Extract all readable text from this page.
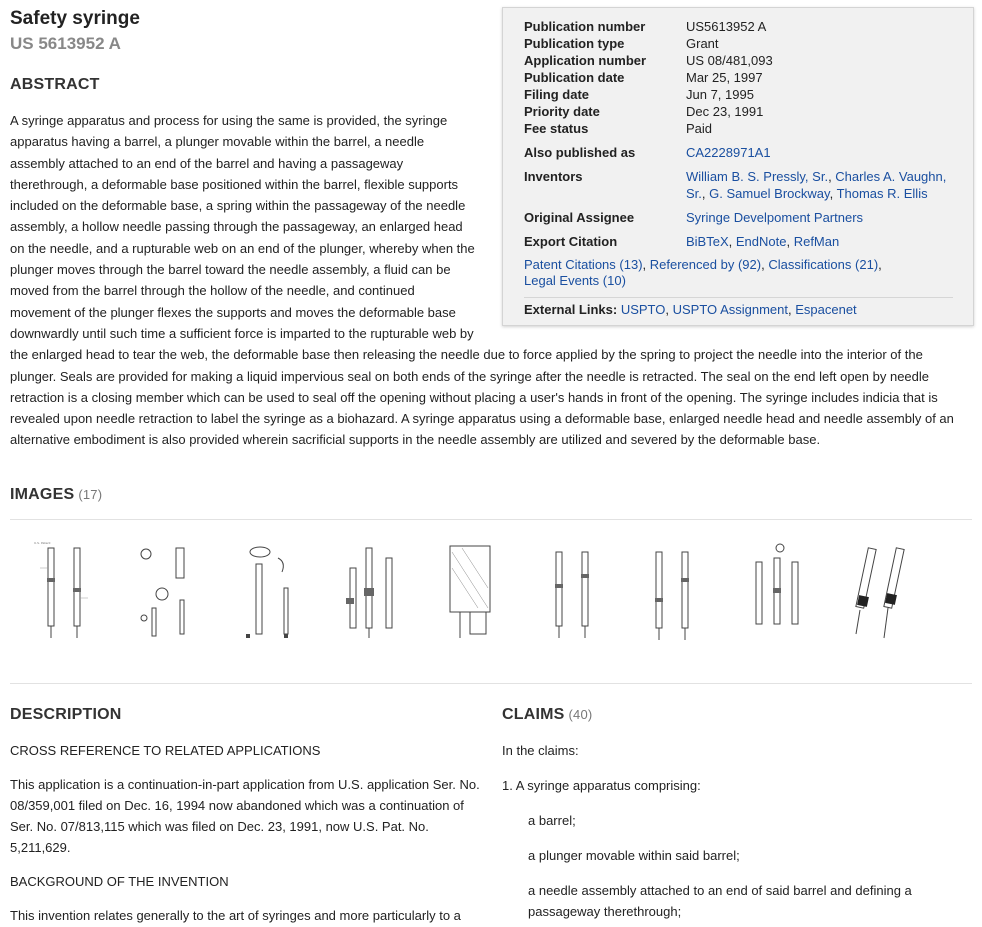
Safety syringe
US 5613952 A
ABSTRACT
A syringe apparatus and process for using the same is provided, the syringe apparatus having a barrel, a plunger movable within the barrel, a needle assembly attached to an end of the barrel and having a passageway therethrough, a deformable base positioned within the barrel, flexible supports included on the deformable base, a spring within the passageway of the needle assembly, a hollow needle passing through the passageway, an enlarged head on the needle, and a rupturable web on an end of the plunger, whereby when the plunger moves through the barrel toward the needle assembly, a fluid can be moved from the barrel through the hollow of the needle, and continued movement of the plunger flexes the supports and moves the deformable base downwardly until such time a sufficient force is imparted to the rupturable web by the enlarged head to tear the web, the deformable base then releasing the needle due to force applied by the spring to project the needle into the interior of the plunger. Seals are provided for making a liquid impervious seal on both ends of the syringe after the needle is retracted. The seal on the end left open by needle retraction is a closing member which can be used to seal off the opening without placing a user's hands in front of the opening. The syringe includes indicia that is revealed upon needle retraction to label the syringe as a biohazard. A syringe apparatus using a deformable base, enlarged needle head and needle assembly of an alternative embodiment is also provided wherein sacrificial supports in the needle assembly are utilized and severed by the deformable base.
Publication number	US5613952 A
Publication type	Grant
Application number	US 08/481,093
Publication date	Mar 25, 1997
Filing date	Jun 7, 1995
Priority date	Dec 23, 1991
Fee status	Paid
Also published as	CA2228971A1
Inventors	William B. S. Pressly, Sr., Charles A. Vaughn, Sr., G. Samuel Brockway, Thomas R. Ellis
Original Assignee	Syringe Develpoment Partners
Export Citation	BiBTeX, EndNote, RefMan
Patent Citations (13), Referenced by (92), Classifications (21), Legal Events (10)
External Links: USPTO, USPTO Assignment, Espacenet
IMAGES (17)
U.S. Patent
DESCRIPTION

CROSS REFERENCE TO RELATED APPLICATIONS

This application is a continuation-in-part application from U.S. application Ser. No. 08/359,001 filed on Dec. 16, 1994 now abandoned which was a continuation of Ser. No. 07/813,115 which was filed on Dec. 23, 1991, now U.S. Pat. No. 5,211,629.

BACKGROUND OF THE INVENTION

This invention relates generally to the art of syringes and more particularly to a

CLAIMS (40)

In the claims:

1. A syringe apparatus comprising:

a barrel;

a plunger movable within said barrel;

a needle assembly attached to an end of said barrel and defining a passageway therethrough;
